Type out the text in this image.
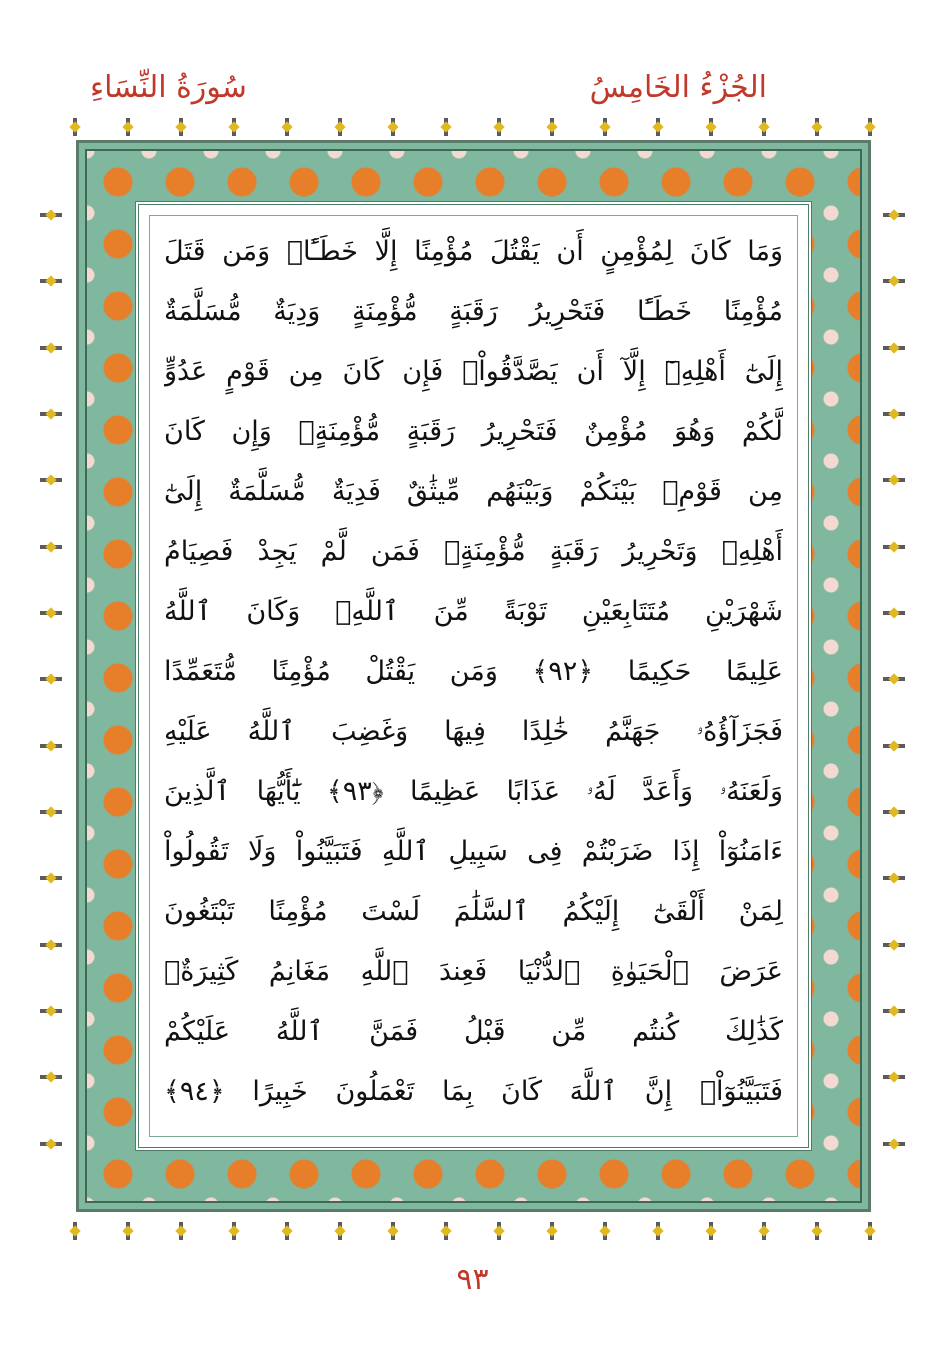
الجُزْءُ الخَامِسُ
سُورَةُ النِّسَاءِ
وَمَا كَانَ لِمُؤْمِنٍ أَن يَقْتُلَ مُؤْمِنًا إِلَّا خَطَـًٔاۚ وَمَن قَتَلَ
مُؤْمِنًا خَطَـًٔا فَتَحْرِيرُ رَقَبَةٍ مُّؤْمِنَةٍ وَدِيَةٌ مُّسَلَّمَةٌ
إِلَىٰٓ أَهْلِهِۦٓ إِلَّآ أَن يَصَّدَّقُواْۚ فَإِن كَانَ مِن قَوْمٍ عَدُوٍّ
لَّكُمْ وَهُوَ مُؤْمِنٌ فَتَحْرِيرُ رَقَبَةٍ مُّؤْمِنَةٍۖ وَإِن كَانَ
مِن قَوْمِۭ بَيْنَكُمْ وَبَيْنَهُم مِّيثَٰقٌ فَدِيَةٌ مُّسَلَّمَةٌ إِلَىٰٓ
أَهْلِهِۦ وَتَحْرِيرُ رَقَبَةٍ مُّؤْمِنَةٍۖ فَمَن لَّمْ يَجِدْ فَصِيَامُ
شَهْرَيْنِ مُتَتَابِعَيْنِ تَوْبَةً مِّنَ ٱللَّهِۗ وَكَانَ ٱللَّهُ
عَلِيمًا حَكِيمًا ﴿٩٢﴾ وَمَن يَقْتُلْ مُؤْمِنًا مُّتَعَمِّدًا
فَجَزَآؤُهُۥ جَهَنَّمُ خَٰلِدًا فِيهَا وَغَضِبَ ٱللَّهُ عَلَيْهِ
وَلَعَنَهُۥ وَأَعَدَّ لَهُۥ عَذَابًا عَظِيمًا ﴿٩٣﴾ يَٰٓأَيُّهَا ٱلَّذِينَ
ءَامَنُوٓاْ إِذَا ضَرَبْتُمْ فِى سَبِيلِ ٱللَّهِ فَتَبَيَّنُواْ وَلَا تَقُولُواْ
لِمَنْ أَلْقَىٰٓ إِلَيْكُمُ ٱلسَّلَٰمَ لَسْتَ مُؤْمِنًا تَبْتَغُونَ
عَرَضَ ٱلْحَيَوٰةِ ٱلدُّنْيَا فَعِندَ ٱللَّهِ مَغَانِمُ كَثِيرَةٌۚ
كَذَٰلِكَ كُنتُم مِّن قَبْلُ فَمَنَّ ٱللَّهُ عَلَيْكُمْ
فَتَبَيَّنُوٓاْۚ إِنَّ ٱللَّهَ كَانَ بِمَا تَعْمَلُونَ خَبِيرًا ﴿٩٤﴾
٩٣
